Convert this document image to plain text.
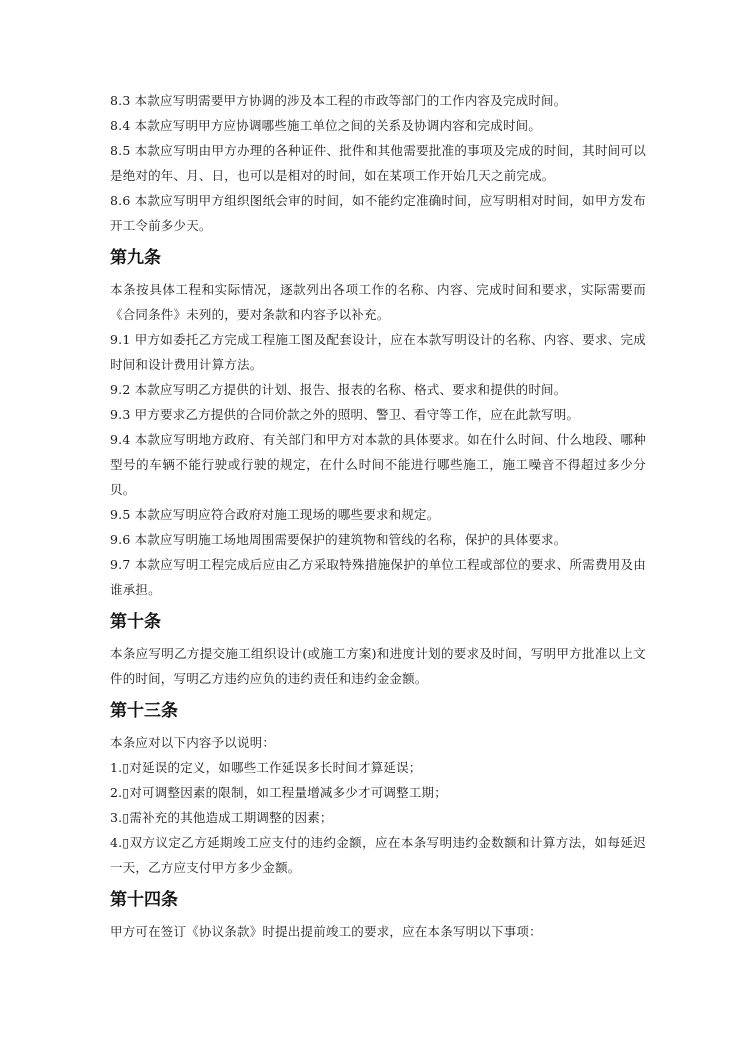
8.3 本款应写明需要甲方协调的涉及本工程的市政等部门的工作内容及完成时间。

8.4 本款应写明甲方应协调哪些施工单位之间的关系及协调内容和完成时间。

8.5 本款应写明由甲方办理的各种证件、批件和其他需要批准的事项及完成的时间，其时间可以是绝对的年、月、日，也可以是相对的时间，如在某项工作开始几天之前完成。

8.6 本款应写明甲方组织图纸会审的时间，如不能约定准确时间，应写明相对时间，如甲方发布开工令前多少天。

第九条

本条按具体工程和实际情况，逐款列出各项工作的名称、内容、完成时间和要求，实际需要而《合同条件》未列的，要对条款和内容予以补充。

9.1 甲方如委托乙方完成工程施工图及配套设计，应在本款写明设计的名称、内容、要求、完成时间和设计费用计算方法。

9.2 本款应写明乙方提供的计划、报告、报表的名称、格式、要求和提供的时间。

9.3 甲方要求乙方提供的合同价款之外的照明、警卫、看守等工作，应在此款写明。

9.4 本款应写明地方政府、有关部门和甲方对本款的具体要求。如在什么时间、什么地段、哪种型号的车辆不能行驶或行驶的规定，在什么时间不能进行哪些施工，施工噪音不得超过多少分贝。

9.5 本款应写明应符合政府对施工现场的哪些要求和规定。

9.6 本款应写明施工场地周围需要保护的建筑物和管线的名称，保护的具体要求。

9.7 本款应写明工程完成后应由乙方采取特殊措施保护的单位工程或部位的要求、所需费用及由谁承担。

第十条

本条应写明乙方提交施工组织设计(或施工方案)和进度计划的要求及时间，写明甲方批准以上文件的时间，写明乙方违约应负的违约责任和违约金金额。

第十三条

本条应对以下内容予以说明：

1.▯对延误的定义，如哪些工作延误多长时间才算延误；

2.▯对可调整因素的限制，如工程量增减多少才可调整工期；

3.▯需补充的其他造成工期调整的因素；

4.▯双方议定乙方延期竣工应支付的违约金额，应在本条写明违约金数额和计算方法，如每延迟一天，乙方应支付甲方多少金额。

第十四条

甲方可在签订《协议条款》时提出提前竣工的要求，应在本条写明以下事项：
